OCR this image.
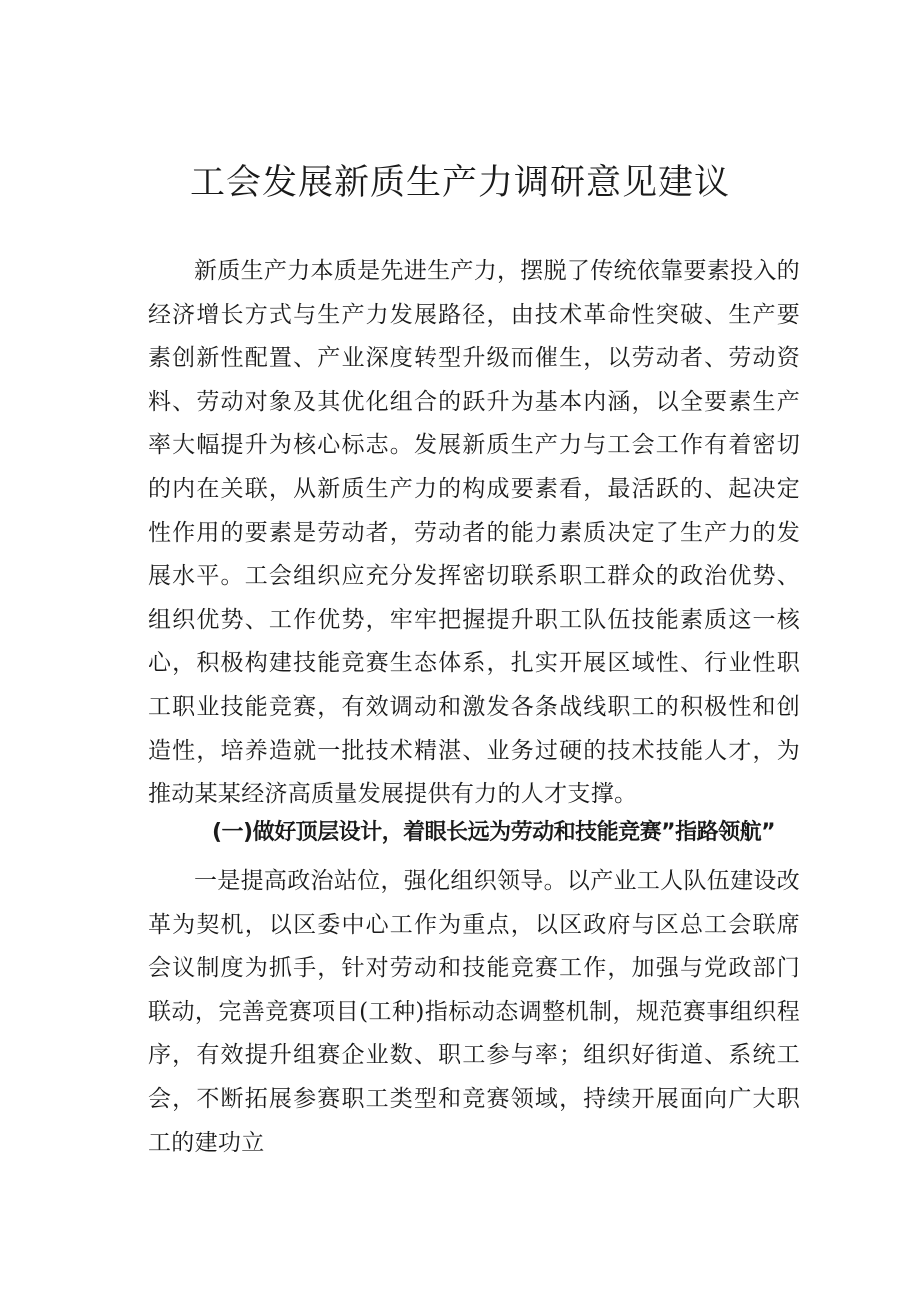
工会发展新质生产力调研意见建议

新质生产力本质是先进生产力，摆脱了传统依靠要素投入的经济增长方式与生产力发展路径，由技术革命性突破、生产要素创新性配置、产业深度转型升级而催生，以劳动者、劳动资料、劳动对象及其优化组合的跃升为基本内涵，以全要素生产率大幅提升为核心标志。发展新质生产力与工会工作有着密切的内在关联，从新质生产力的构成要素看，最活跃的、起决定性作用的要素是劳动者，劳动者的能力素质决定了生产力的发展水平。工会组织应充分发挥密切联系职工群众的政治优势、组织优势、工作优势，牢牢把握提升职工队伍技能素质这一核心，积极构建技能竞赛生态体系，扎实开展区域性、行业性职工职业技能竞赛，有效调动和激发各条战线职工的积极性和创造性，培养造就一批技术精湛、业务过硬的技术技能人才，为推动某某经济高质量发展提供有力的人才支撑。

(一)做好顶层设计，着眼长远为劳动和技能竞赛”指路领航”

一是提高政治站位，强化组织领导。以产业工人队伍建设改革为契机，以区委中心工作为重点，以区政府与区总工会联席会议制度为抓手，针对劳动和技能竞赛工作，加强与党政部门联动，完善竞赛项目(工种)指标动态调整机制，规范赛事组织程序，有效提升组赛企业数、职工参与率；组织好街道、系统工会，不断拓展参赛职工类型和竞赛领域，持续开展面向广大职工的建功立
